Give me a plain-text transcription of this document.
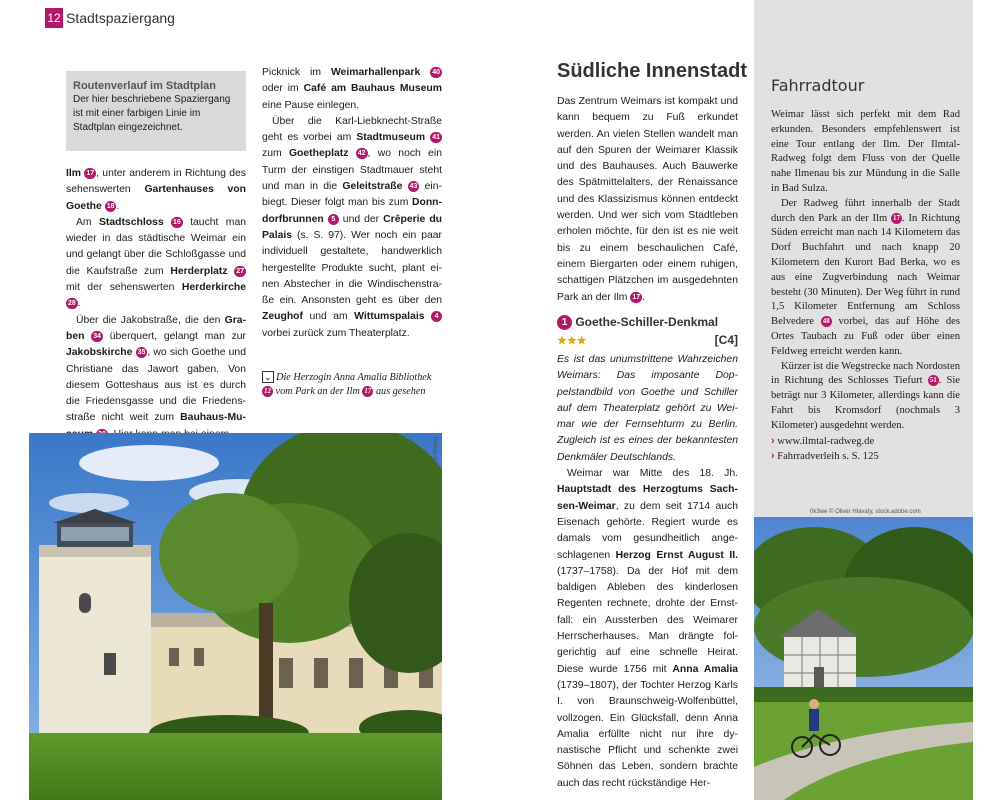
12 Stadtspaziergang
Routenverlauf im Stadtplan
Der hier beschriebene Spaziergang ist mit einer farbigen Linie im Stadtplan eingezeichnet.

Ilm 17 , unter anderem in Richtung des sehenswerten Gartenhauses von Goethe 18 .

Am Stadtschloss 16 taucht man wieder in das städtische Weimar ein und gelangt über die Schloßgasse und die Kaufstraße zum Herderplatz 27 mit der sehenswerten Herderkirche 28 .

Über die Jakobstraße, die den Graben 34 überquert, gelangt man zur Jakobskirche 35 , wo sich Goethe und Christiane das Jawort gaben. Von diesem Gotteshaus aus ist es durch die Friedensgasse und die Friedensstraße nicht weit zum Bauhaus-Mu

Picknick im Weimarhallenpark 40 oder im Café am Bauhaus Museum eine Pause einlegen.

Über die Karl-Liebknecht-Straße geht es vorbei am Stadtmuseum 41 zum Goetheplatz 42 , wo noch ein Turm der einstigen Stadtmauer steht und man in die Geleitstraße 43 einbiegt. Dieser folgt man bis zum Donndorfbrunnen 5 und der Crêperie du Palais (s. S. 97). Wer noch ein paar individuell gestaltete, handwerklich hergestellte Produkte sucht, plant einen Abstecher in die Windischenstraße ein. Ansonsten geht es über den Zeughof und am Wittumspalais 4 vorbei zurück zum Theaterplatz.

⌄ Die Herzogin Anna Amalia Bibliothek 12 vom Park an der Ilm 17 aus gesehen
088we fmt
Südliche Innenstadt

Das Zentrum Weimars ist kompakt und kann bequem zu Fuß erkundet werden. An vielen Stellen wandelt man auf den Spuren der Weimarer Klassik und des Bauhauses. Auch Bauwerke des Spätmittelalters, der Renaissance und des Klassizismus können entdeckt werden. Und wer sich vom Stadtleben erholen möchte, für den ist es nie weit bis zu einem beschaulichen Café, einem Biergarten oder einem ruhigen, schattigen Plätzchen im ausgedehnten Park an der Ilm 17 .

1 Goethe-Schiller-Denkmal ★★★	[C4]

Es ist das unumstrittene Wahrzeichen Weimars: Das imposante Doppelstandbild von Goethe und Schiller auf dem Theaterplatz gehört zu Weimar wie der Fernsehturm zu Berlin. Zugleich ist es eines der bekanntesten Denkmäler Deutschlands.

Weimar war Mitte des 18. Jh. Hauptstadt des Herzogtums Sachsen-Weimar, zu dem seit 1714 auch Eisenach gehörte. Regiert wurde es damals vom gesundheitlich angeschlagenen Herzog Ernst August II. (1737–1758). Da der Hof mit dem baldigen Ableben des kinderlosen Regenten rechnete, drohte der Ernstfall: ein Aussterben des Weimarer Herrscherhauses. Man drängte folgerichtig auf eine schnelle Heirat. Diese wurde 1756 mit Anna Amalia (1739–1807), der Tochter Herzog Karls I. von Braunschweig-Wolfenbüttel, vollzogen. Ein Glücksfall, denn Anna Amalia erfüllte nicht nur ihre dynastische Pflicht und schenkte zwei Söhnen das Leben, sondern brachte auch das recht rückständige Her-

Fahrradtour

Weimar lässt sich perfekt mit dem Rad erkunden. Besonders empfehlenswert ist eine Tour entlang der Ilm. Der Ilmtal-Radweg folgt dem Fluss von der Quelle nahe Ilmenau bis zur Mündung in die Salle in Bad Sulza.

Der Radweg führt innerhalb der Stadt durch den Park an der Ilm 17 . In Richtung Süden erreicht man nach 14 Kilometern das Dorf Buchfahrt und nach knapp 20 Kilometern den Kurort Bad Berka, wo es aus eine Zugverbindung nach Weimar besteht (30 Minuten). Der Weg führt in rund 1,5 Kilometer Entfernung am Schloss Belvedere 48 vorbei, das auf Höhe des Ortes Taubach zu Fuß oder über einen Feldweg erreicht werden kann.

Kürzer ist die Wegstrecke nach Nordosten in Richtung des Schlosses Tiefurt 51 . Sie beträgt nur 3 Kilometer, allerdings kann die Fahrt bis Kromsdorf (nochmals 3 Kilometer) ausgedehnt werden.

› www.ilmtal-radweg.de

› Fahrradverleih s. S. 125

0k3we © Oliver Hlavaty, stock.adobe.com
